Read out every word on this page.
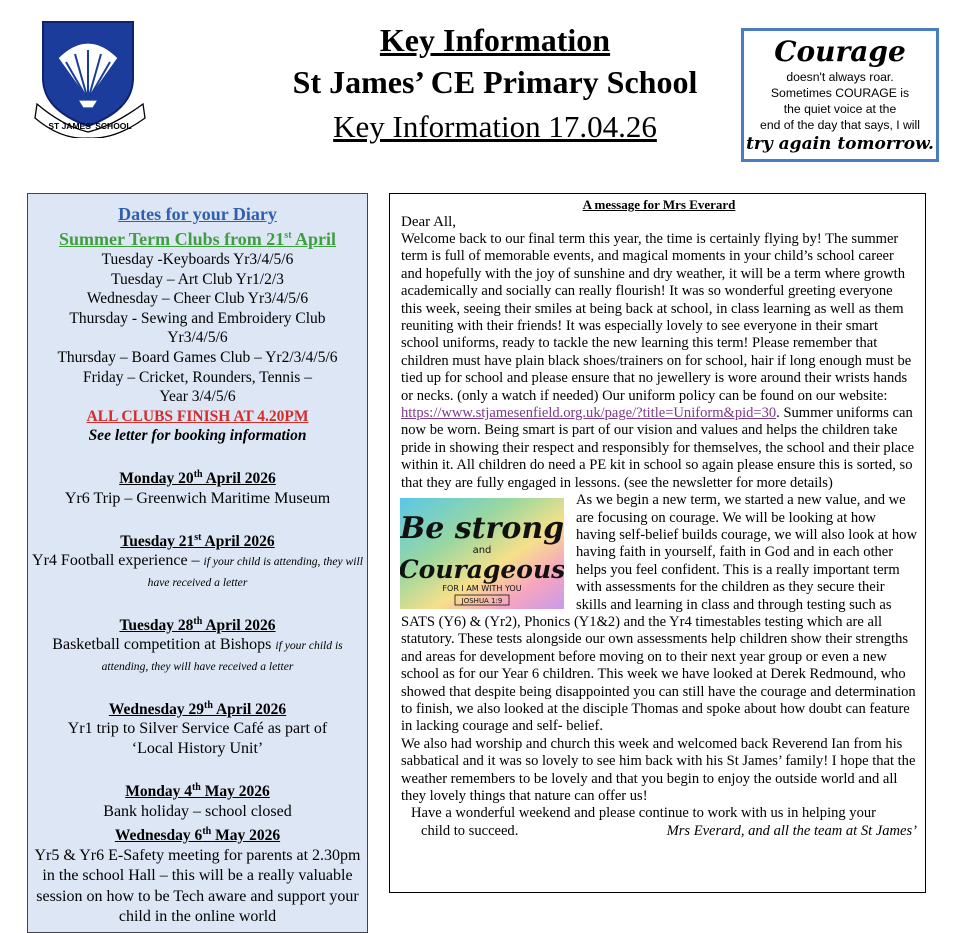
ST JAMES' SCHOOL
Key Information
St James’ CE Primary School
Key Information 17.04.26
Courage
doesn't always roar.
Sometimes COURAGE is
the quiet voice at the
end of the day that says, I will
try again tomorrow.
Dates for your Diary
Summer Term Clubs from 21st April
Tuesday -Keyboards Yr3/4/5/6
Tuesday – Art Club Yr1/2/3
Wednesday – Cheer Club Yr3/4/5/6
Thursday - Sewing and Embroidery Club
Yr3/4/5/6
Thursday – Board Games Club – Yr2/3/4/5/6
Friday – Cricket, Rounders, Tennis –
Year 3/4/5/6
ALL CLUBS FINISH AT 4.20PM
See letter for booking information
Monday 20th April 2026
Yr6 Trip – Greenwich Maritime Museum
Tuesday 21st April 2026
Yr4 Football experience – if your child is attending, they will have received a letter
Tuesday 28th April 2026
Basketball competition at Bishops if your child is attending, they will have received a letter
Wednesday 29th April 2026
Yr1 trip to Silver Service Café as part of
‘Local History Unit’
Monday 4th May 2026
Bank holiday – school closed
Wednesday 6th May 2026
Yr5 & Yr6 E-Safety meeting for parents at 2.30pm in the school Hall – this will be a really valuable session on how to be Tech aware and support your child in the online world
A message for Mrs Everard
Dear All,
Welcome back to our final term this year, the time is certainly flying by! The summer term is full of memorable events, and magical moments in your child’s school career and hopefully with the joy of sunshine and dry weather, it will be a term where growth academically and socially can really flourish! It was so wonderful greeting everyone this week, seeing their smiles at being back at school, in class learning as well as them reuniting with their friends! It was especially lovely to see everyone in their smart school uniforms, ready to tackle the new learning this term! Please remember that children must have plain black shoes/trainers on for school, hair if long enough must be tied up for school and please ensure that no jewellery is wore around their wrists hands or necks. (only a watch if needed) Our uniform policy can be found on our website: https://www.stjamesenfield.org.uk/page/?title=Uniform&pid=30. Summer uniforms can now be worn. Being smart is part of our vision and values and helps the children take pride in showing their respect and responsibly for themselves, the school and their place within it. All children do need a PE kit in school so again please ensure this is sorted, so that they are fully engaged in lessons. (see the newsletter for more details)
Be strong
and
Courageous
FOR I AM WITH YOU
JOSHUA 1:9
As we begin a new term, we started a new value, and we are focusing on courage. We will be looking at how having self-belief builds courage, we will also look at how having faith in yourself, faith in God and in each other helps you feel confident. This is a really important term with assessments for the children as they secure their skills and learning in class and through testing such as SATS (Y6) & (Yr2), Phonics (Y1&2) and the Yr4 timestables testing which are all statutory. These tests alongside our own assessments help children show their strengths and areas for development before moving on to their next year group or even a new school as for our Year 6 children. This week we have looked at Derek Redmound, who showed that despite being disappointed you can still have the courage and determination to finish, we also looked at the disciple Thomas and spoke about how doubt can feature in lacking courage and self- belief.
We also had worship and church this week and welcomed back Reverend Ian from his sabbatical and it was so lovely to see him back with his St James’ family! I hope that the weather remembers to be lovely and that you begin to enjoy the outside world and all they lovely things that nature can offer us!
Have a wonderful weekend and please continue to work with us in helping your
child to succeed.	Mrs Everard, and all the team at St James’
